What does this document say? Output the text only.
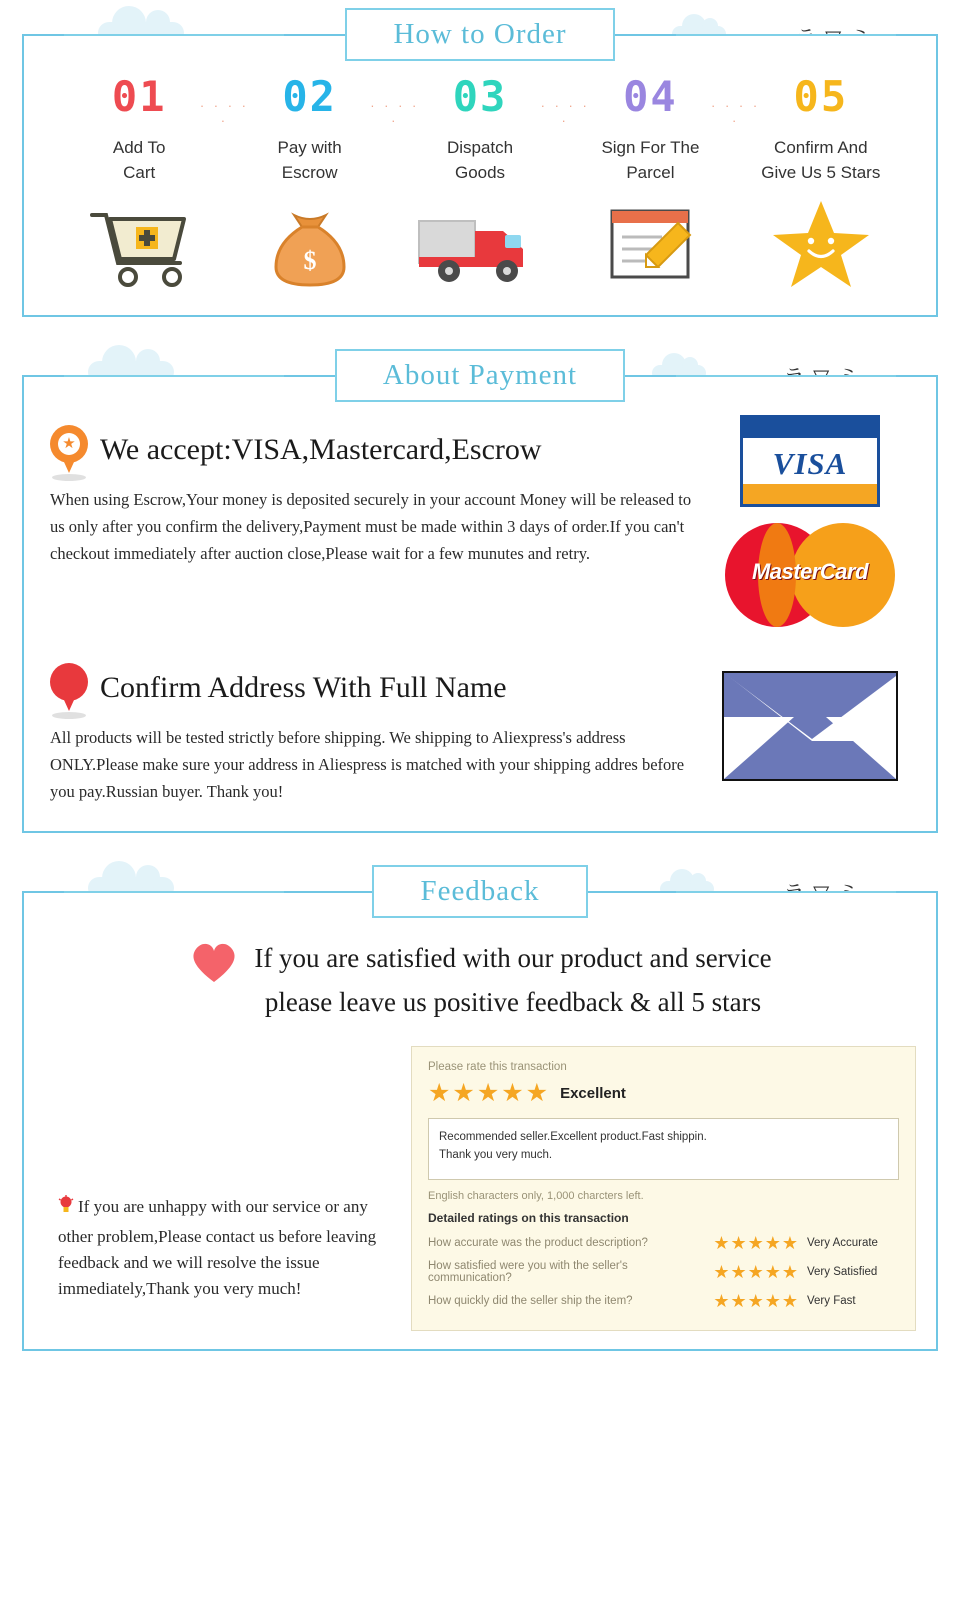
How to Order
01	· · · · ·
Add To
Cart
02	· · · · ·
Pay with
Escrow
$
03	· · · · ·
Dispatch
Goods
04	· · · · ·
Sign For The
Parcel
05
Confirm And
Give Us 5 Stars
About Payment
★ We accept:VISA,Mastercard,Escrow
When using Escrow,Your money is deposited securely in your account Money will be released to us only after you confirm the delivery,Payment must be made within 3 days of order.If you can't checkout immediately after auction close,Please wait for a few munutes and retry.
VISA
MasterCard
Confirm Address With Full Name
All products will be tested strictly before shipping. We shipping to Aliexpress's address ONLY.Please make sure your address in Aliespress is matched with your shipping addres before you pay.Russian buyer. Thank you!
Feedback
If you are satisfied with our product and service
please leave us positive feedback & all 5 stars

If you are unhappy with our service or any other problem,Please contact us before leaving feedback and we will resolve the issue immediately,Thank you very much!

Please rate this transaction
★★★★★ Excellent
Recommended seller.Excellent product.Fast shippin.
Thank you very much.
English characters only, 1,000 charcters left.
Detailed ratings on this transaction
How accurate was the product description?	★★★★★ Very Accurate
How satisfied were you with the seller's communication?	★★★★★ Very Satisfied
How quickly did the seller ship the item?	★★★★★ Very Fast
